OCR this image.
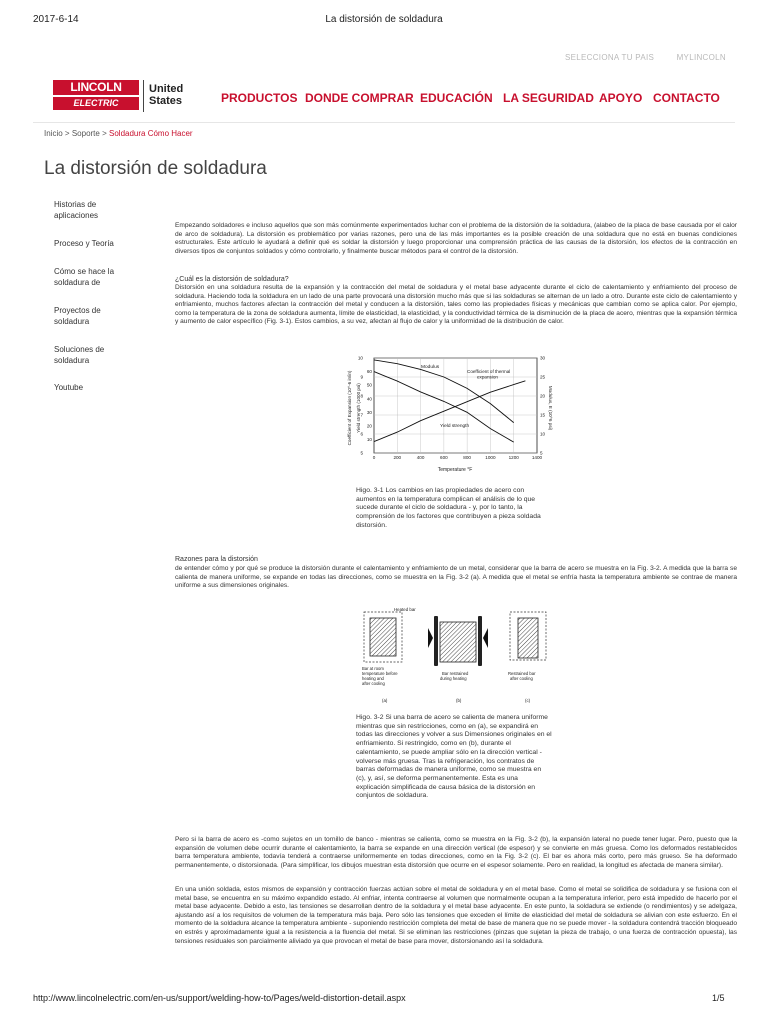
2017-6-14	La distorsión de soldadura
SELECCIONA TU PAIS	MYLINCOLN
LINCOLN
ELECTRIC
United
States	PRODUCTOS DONDE COMPRAR EDUCACIÓN LA SEGURIDAD APOYO CONTACTO
Inicio > Soporte > Soldadura Cómo Hacer
La distorsión de soldadura
Historias de aplicaciones
Proceso y Teoría
Cómo se hace la soldadura de
Proyectos de soldadura
Soluciones de soldadura
Youtube

Empezando soldadores e incluso aquellos que son más comúnmente experimentados luchar con el problema de la distorsión de la soldadura, (alabeo de la placa de base causada por el calor de arco de soldadura). La distorsión es problemático por varias razones, pero una de las más importantes es la posible creación de una soldadura que no está en buenas condiciones estructurales. Este artículo le ayudará a definir qué es soldar la distorsión y luego proporcionar una comprensión práctica de las causas de la distorsión, los efectos de la contracción en diversos tipos de conjuntos soldados y cómo controlarlo, y finalmente buscar métodos para el control de la distorsión.

¿Cuál es la distorsión de soldadura?

Distorsión en una soldadura resulta de la expansión y la contracción del metal de soldadura y el metal base adyacente durante el ciclo de calentamiento y enfriamiento del proceso de soldadura. Haciendo toda la soldadura en un lado de una parte provocará una distorsión mucho más que si las soldaduras se alternan de un lado a otro. Durante este ciclo de calentamiento y enfriamiento, muchos factores afectan la contracción del metal y conducen a la distorsión, tales como las propiedades físicas y mecánicas que cambian como se aplica calor. Por ejemplo, como la temperatura de la zona de soldadura aumenta, límite de elasticidad, la elasticidad, y la conductividad térmica de la disminución de la placa de acero, mientras que la expansión térmica y aumento de calor específico (Fig. 3-1). Estos cambios, a su vez, afectan al flujo de calor y la uniformidad de la distribución de calor.

0	200	400	600	800	1000	1200	1400
5
10
15
20
25
30
5
6
7
8
9
10
10
20
30
40
50
60
Coefficient of Expansion (10^-6 in/in) Yield strength (1000 psi)	Modulus, E (10^6 psi)
Temperature °F
Modulus
Coefficient of thermal expansion
Yield strength

Higo. 3-1 Los cambios en las propiedades de acero con aumentos en la temperatura complican el análisis de lo que sucede durante el ciclo de soldadura - y, por lo tanto, la comprensión de los factores que contribuyen a pieza soldada distorsión.

Razones para la distorsión

de entender cómo y por qué se produce la distorsión durante el calentamiento y enfriamiento de un metal, considerar que la barra de acero se muestra en la Fig. 3-2. A medida que la barra se calienta de manera uniforme, se expande en todas las direcciones, como se muestra en la Fig. 3-2 (a). A medida que el metal se enfría hasta la temperatura ambiente se contrae de manera uniforme a sus dimensiones originales.

Heated bar
Bar at room temperature before heating and after cooling
(a)
Bar restrained during heating
(b)
Restrained bar after cooling
(c)

Higo. 3-2 Si una barra de acero se calienta de manera uniforme mientras que sin restricciones, como en (a), se expandirá en todas las direcciones y volver a sus Dimensiones originales en el enfriamiento. Si restringido, como en (b), durante el calentamiento, se puede ampliar sólo en la dirección vertical - volverse más gruesa. Tras la refrigeración, los contratos de barras deformadas de manera uniforme, como se muestra en (c), y, así, se deforma permanentemente. Esta es una explicación simplificada de causa básica de la distorsión en conjuntos de soldadura.

Pero si la barra de acero es -como sujetos en un tornillo de banco - mientras se calienta, como se muestra en la Fig. 3-2 (b), la expansión lateral no puede tener lugar. Pero, puesto que la expansión de volumen debe ocurrir durante el calentamiento, la barra se expande en una dirección vertical (de espesor) y se convierte en más gruesa. Como los deformados restablecidos barra temperatura ambiente, todavía tenderá a contraerse uniformemente en todas direcciones, como en la Fig. 3-2 (c). El bar es ahora más corto, pero más grueso. Se ha deformado permanentemente, o distorsionada. (Para simplificar, los dibujos muestran esta distorsión que ocurre en el espesor solamente. Pero en realidad, la longitud es afectada de manera similar).

En una unión soldada, estos mismos de expansión y contracción fuerzas actúan sobre el metal de soldadura y en el metal base. Como el metal se solidifica de soldadura y se fusiona con el metal base, se encuentra en su máximo expandido estado. Al enfriar, intenta contraerse al volumen que normalmente ocupan a la temperatura inferior, pero está impedido de hacerlo por el metal base adyacente. Debido a esto, las tensiones se desarrollan dentro de la soldadura y el metal base adyacente. En este punto, la soldadura se extiende (o rendimientos) y se adelgaza, ajustando así a los requisitos de volumen de la temperatura más baja. Pero sólo las tensiones que exceden el límite de elasticidad del metal de soldadura se alivian con este esfuerzo. En el momento de la soldadura alcance la temperatura ambiente - suponiendo restricción completa del metal de base de manera que no se puede mover - la soldadura contendrá tracción bloqueado en estrés y aproximadamente igual a la resistencia a la fluencia del metal. Si se eliminan las restricciones (pinzas que sujetan la pieza de trabajo, o una fuerza de contracción opuesta), las tensiones residuales son parcialmente aliviado ya que provocan el metal de base para mover, distorsionando así la soldadura.

http://www.lincolnelectric.com/en-us/support/welding-how-to/Pages/weld-distortion-detail.aspx	1/5
